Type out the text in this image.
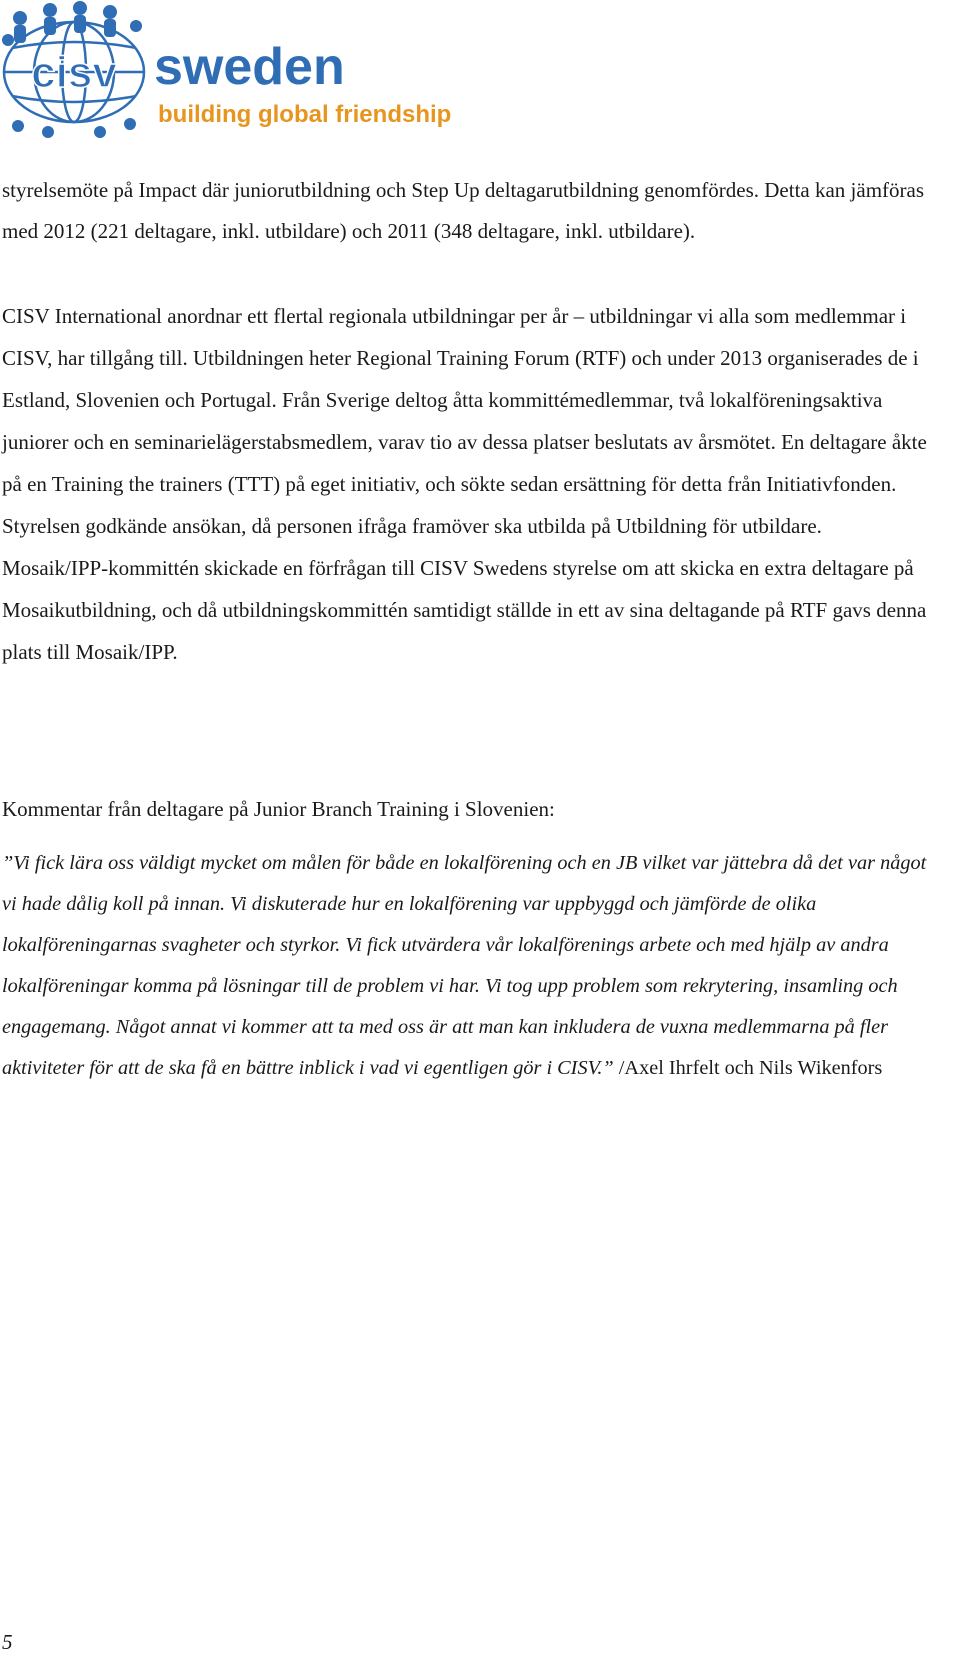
cisv sweden
building global friendship

styrelsemöte på Impact där juniorutbildning och Step Up deltagarutbildning genomfördes. Detta kan jämföras med 2012 (221 deltagare, inkl. utbildare) och 2011 (348 deltagare, inkl. utbildare).

CISV International anordnar ett flertal regionala utbildningar per år – utbildningar vi alla som medlemmar i CISV, har tillgång till. Utbildningen heter Regional Training Forum (RTF) och under 2013 organiserades de i Estland, Slovenien och Portugal. Från Sverige deltog åtta kommittémedlemmar, två lokalföreningsaktiva juniorer och en seminarielägerstabsmedlem, varav tio av dessa platser beslutats av årsmötet. En deltagare åkte på en Training the trainers (TTT) på eget initiativ, och sökte sedan ersättning för detta från Initiativfonden. Styrelsen godkände ansökan, då personen ifråga framöver ska utbilda på Utbildning för utbildare. Mosaik/IPP-kommittén skickade en förfrågan till CISV Swedens styrelse om att skicka en extra deltagare på Mosaikutbildning, och då utbildningskommittén samtidigt ställde in ett av sina deltagande på RTF gavs denna plats till Mosaik/IPP.

Kommentar från deltagare på Junior Branch Training i Slovenien:

”Vi fick lära oss väldigt mycket om målen för både en lokalförening och en JB vilket var jättebra då det var något vi hade dålig koll på innan. Vi diskuterade hur en lokalförening var uppbyggd och jämförde de olika lokalföreningarnas svagheter och styrkor. Vi fick utvärdera vår lokalförenings arbete och med hjälp av andra lokalföreningar komma på lösningar till de problem vi har. Vi tog upp problem som rekrytering, insamling och engagemang. Något annat vi kommer att ta med oss är att man kan inkludera de vuxna medlemmarna på fler aktiviteter för att de ska få en bättre inblick i vad vi egentligen gör i CISV.” /Axel Ihrfelt och Nils Wikenfors

5
